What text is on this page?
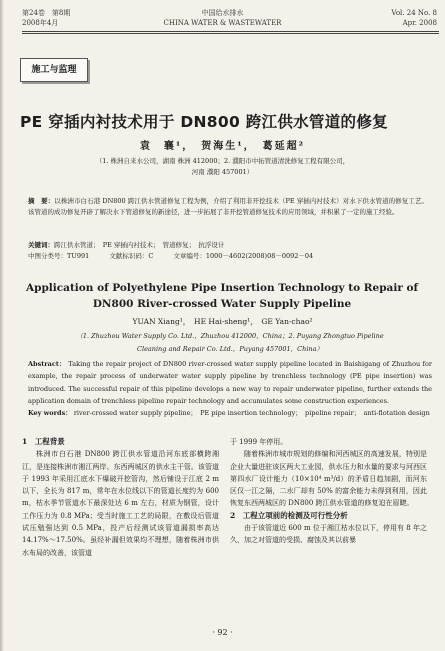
第24卷　第8期
2008年4月
中国给水排水
CHINA WATER & WASTEWATER
Vol. 24 No. 8
Apr. 2008
施工与监理
PE 穿插内衬技术用于 DN800 跨江供水管道的修复
袁　襄¹，　贺海生¹，　葛延超²
（1. 株洲自来水公司，湖南 株洲 412000；2. 濮阳市中拓管道清洗修复工程有限公司，
河南 濮阳 457001）
摘　要：以株洲市白石港 DN800 跨江供水管道修复工程为例，介绍了利用非开挖技术（PE 穿插内衬技术）对水下供水管道的修复工艺。该管道的成功修复开辟了解决水下管道修复的新途径，进一步拓展了非开挖管道修复技术的应用领域，并积累了一定的施工经验。
关键词：跨江供水管道；　PE 穿插内衬技术；　管道修复；　抗浮设计
中图分类号：TU991	文献标识码：C	文章编号：1000－4602(2008)08－0092－04
Application of Polyethylene Pipe Insertion Technology to Repair of
DN800 River-crossed Water Supply Pipeline
YUAN Xiang¹，　HE Hai-sheng¹，　GE Yan-chao²
（1. Zhuzhou Water Supply Co. Ltd.，Zhuzhou 412000，China；2. Puyang Zhongtuo Pipeline
Cleaning and Repair Co. Ltd.，Puyang 457001，China）
Abstract： Taking the repair project of DN800 river-crossed water supply pipeline located in Baishigang of Zhuzhou for example, the repair process of underwater water supply pipeline by trenchless technology (PE pipe insertion) was introduced. The successful repair of this pipeline develops a new way to repair underwater pipeline, further extends the application domain of trenchless pipeline repair technology and accumulates some construction experiences.
Key words： river-crossed water supply pipeline；　PE pipe insertion technology；　pipeline repair；　anti-flotation design
1　工程背景

株洲市白石港 DN800 跨江供水管道沿河东底部横跨湘江，是连接株洲市湘江两岸、东西两城区的供水主干管。该管道于 1993 年采用江底水下爆破开挖管沟，然后铺设于江底 2 m 以下，全长为 817 m，常年在水位线以下的管道长度约为 600 m，枯水季节管道水下最深处达 6 m 左右，材质为钢管，设计工作压力为 0.8 MPa；受当时施工工艺的局限，在敷设后管道试压勉强达到 0.5 MPa，投产后经测试该管道漏损率高达 14.17%～17.50%。虽经补漏但效果均不理想，随着株洲市供水布局的改善，该管道

于 1999 年停用。

随着株洲市城市规划的修编和河西城区的高速发展，特别是企业大量进驻该区两大工业园，供水压力和水量的要求与河西区第四水厂设计能力（10×10⁴ m³/d）的矛盾日趋加剧，而河东区仅一江之隔，二水厂却有 50% 的富余能力未得到利用，因此恢复东西两城区的 DN800 跨江供水管道的修复迫在眉睫。

2　工程立项前的检测及可行性分析

由于该管道近 600 m 位于湘江枯水位以下，停用有 8 年之久，加之对管道的受损、腐蚀及其以前暴

· 92 ·
